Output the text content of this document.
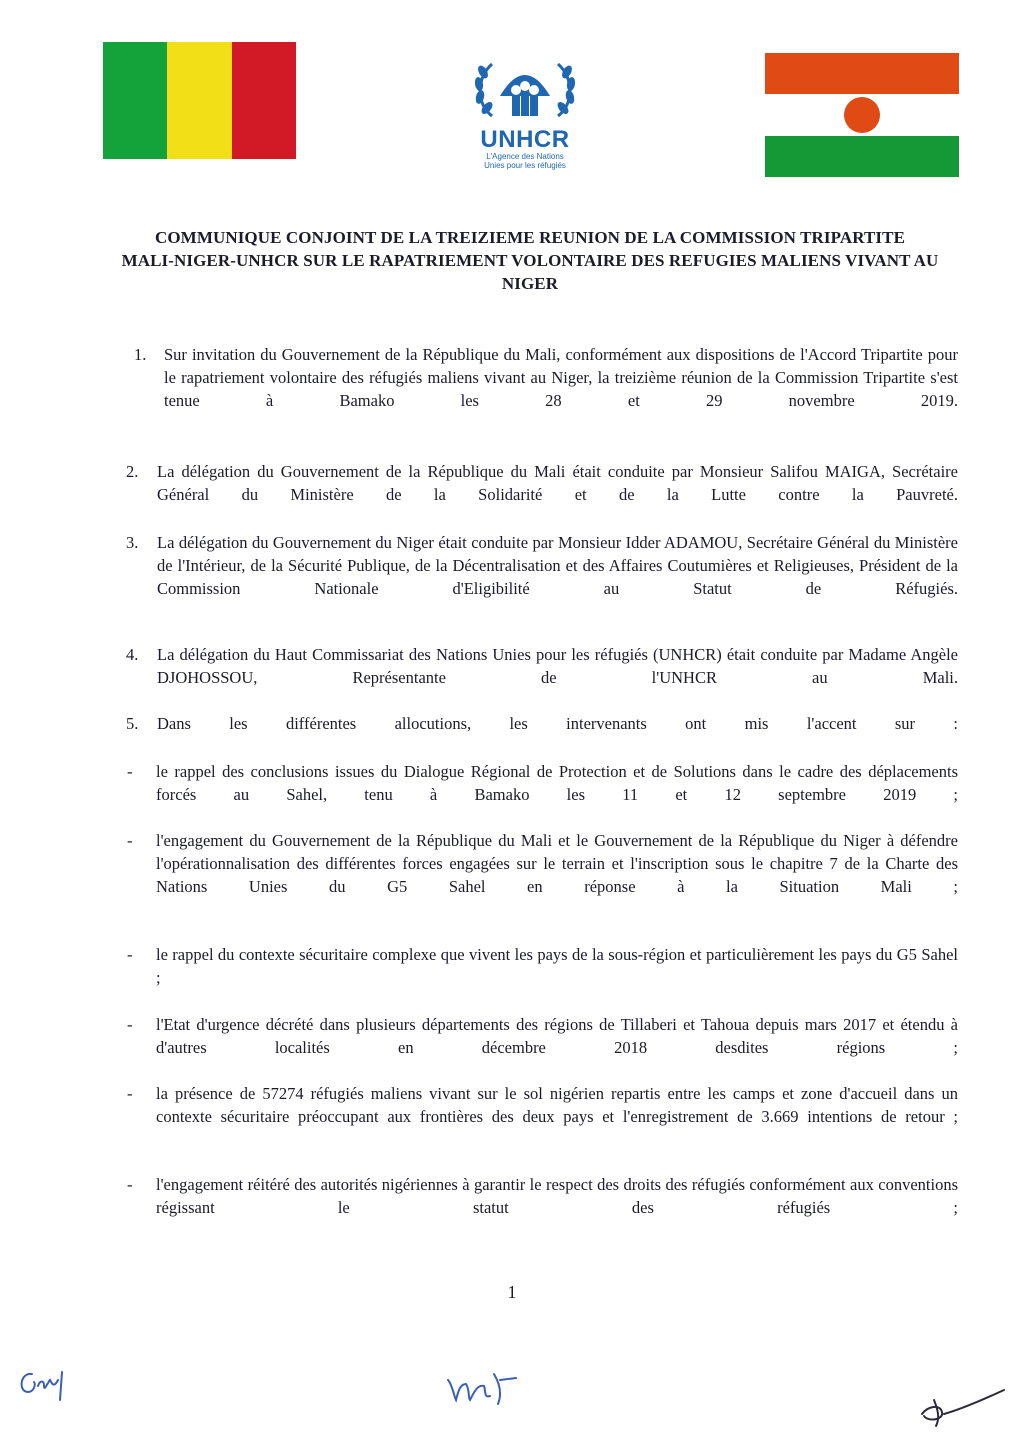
UNHCR
L'Agence des Nations
Unies pour les réfugiés
COMMUNIQUE CONJOINT DE LA TREIZIEME REUNION DE LA COMMISSION TRIPARTITE
MALI-NIGER-UNHCR SUR LE RAPATRIEMENT VOLONTAIRE DES REFUGIES MALIENS VIVANT AU
NIGER
1. Sur invitation du Gouvernement de la République du Mali, conformément aux dispositions de l'Accord Tripartite pour le rapatriement volontaire des réfugiés maliens vivant au Niger, la treizième réunion de la Commission Tripartite s'est tenue à Bamako les 28 et 29 novembre 2019.
2. La délégation du Gouvernement de la République du Mali était conduite par Monsieur Salifou MAIGA, Secrétaire Général du Ministère de la Solidarité et de la Lutte contre la Pauvreté.
3. La délégation du Gouvernement du Niger était conduite par Monsieur Idder ADAMOU, Secrétaire Général du Ministère de l'Intérieur, de la Sécurité Publique, de la Décentralisation et des Affaires Coutumières et Religieuses, Président de la Commission Nationale d'Eligibilité au Statut de Réfugiés.
4. La délégation du Haut Commissariat des Nations Unies pour les réfugiés (UNHCR) était conduite par Madame Angèle DJOHOSSOU, Représentante de l'UNHCR au Mali.
5. Dans les différentes allocutions, les intervenants ont mis l'accent sur :
- le rappel des conclusions issues du Dialogue Régional de Protection et de Solutions dans le cadre des déplacements forcés au Sahel, tenu à Bamako les 11 et 12 septembre 2019 ;
- l'engagement du Gouvernement de la République du Mali et le Gouvernement de la République du Niger à défendre l'opérationnalisation des différentes forces engagées sur le terrain et l'inscription sous le chapitre 7 de la Charte des Nations Unies du G5 Sahel en réponse à la Situation Mali ;
- le rappel du contexte sécuritaire complexe que vivent les pays de la sous-région et particulièrement les pays du G5 Sahel ;
- l'Etat d'urgence décrété dans plusieurs départements des régions de Tillaberi et Tahoua depuis mars 2017 et étendu à d'autres localités en décembre 2018 desdites régions ;
- la présence de 57274 réfugiés maliens vivant sur le sol nigérien repartis entre les camps et zone d'accueil dans un contexte sécuritaire préoccupant aux frontières des deux pays et l'enregistrement de 3.669 intentions de retour ;
- l'engagement réitéré des autorités nigériennes à garantir le respect des droits des réfugiés conformément aux conventions régissant le statut des réfugiés ;
1
